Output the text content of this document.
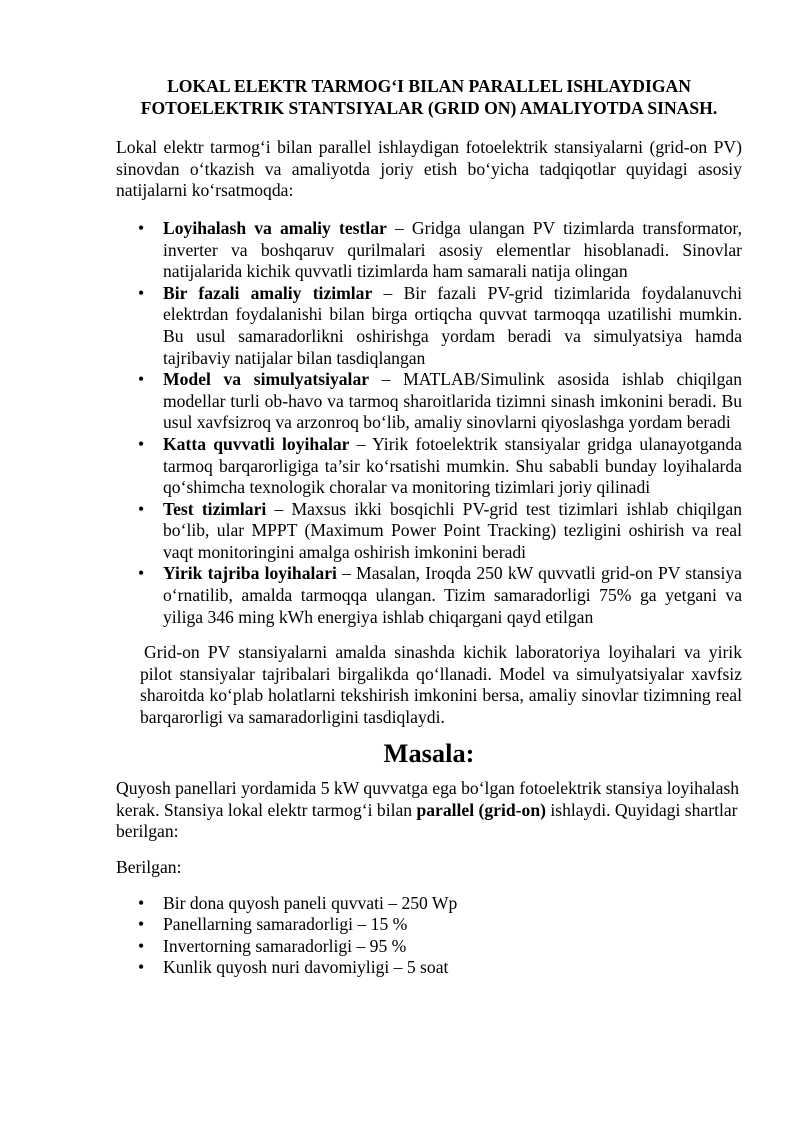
LOKAL ELEKTR TARMOG‘I BILAN PARALLEL ISHLAYDIGAN
FOTOELEKTRIK STANTSIYALAR (GRID ON) AMALIYOTDA SINASH.

Lokal elektr tarmog‘i bilan parallel ishlaydigan fotoelektrik stansiyalarni (grid-on PV) sinovdan o‘tkazish va amaliyotda joriy etish bo‘yicha tadqiqotlar quyidagi asosiy natijalarni ko‘rsatmoqda:

• Loyihalash va amaliy testlar – Gridga ulangan PV tizimlarda transformator, inverter va boshqaruv qurilmalari asosiy elementlar hisoblanadi. Sinovlar natijalarida kichik quvvatli tizimlarda ham samarali natija olingan
• Bir fazali amaliy tizimlar – Bir fazali PV-grid tizimlarida foydalanuvchi elektrdan foydalanishi bilan birga ortiqcha quvvat tarmoqqa uzatilishi mumkin. Bu usul samaradorlikni oshirishga yordam beradi va simulyatsiya hamda tajribaviy natijalar bilan tasdiqlangan
• Model va simulyatsiyalar – MATLAB/Simulink asosida ishlab chiqilgan modellar turli ob-havo va tarmoq sharoitlarida tizimni sinash imkonini beradi. Bu usul xavfsizroq va arzonroq bo‘lib, amaliy sinovlarni qiyoslashga yordam beradi
• Katta quvvatli loyihalar – Yirik fotoelektrik stansiyalar gridga ulanayotganda tarmoq barqarorligiga ta’sir ko‘rsatishi mumkin. Shu sababli bunday loyihalarda qo‘shimcha texnologik choralar va monitoring tizimlari joriy qilinadi
• Test tizimlari – Maxsus ikki bosqichli PV-grid test tizimlari ishlab chiqilgan bo‘lib, ular MPPT (Maximum Power Point Tracking) tezligini oshirish va real vaqt monitoringini amalga oshirish imkonini beradi
• Yirik tajriba loyihalari – Masalan, Iroqda 250 kW quvvatli grid-on PV stansiya o‘rnatilib, amalda tarmoqqa ulangan. Tizim samaradorligi 75% ga yetgani va yiliga 346 ming kWh energiya ishlab chiqargani qayd etilgan

Grid-on PV stansiyalarni amalda sinashda kichik laboratoriya loyihalari va yirik pilot stansiyalar tajribalari birgalikda qo‘llanadi. Model va simulyatsiyalar xavfsiz sharoitda ko‘plab holatlarni tekshirish imkonini bersa, amaliy sinovlar tizimning real barqarorligi va samaradorligini tasdiqlaydi.

Masala:

Quyosh panellari yordamida 5 kW quvvatga ega bo‘lgan fotoelektrik stansiya loyihalash kerak. Stansiya lokal elektr tarmog‘i bilan parallel (grid-on) ishlaydi. Quyidagi shartlar berilgan:

Berilgan:

• Bir dona quyosh paneli quvvati – 250 Wp
• Panellarning samaradorligi – 15 %
• Invertorning samaradorligi – 95 %
• Kunlik quyosh nuri davomiyligi – 5 soat
